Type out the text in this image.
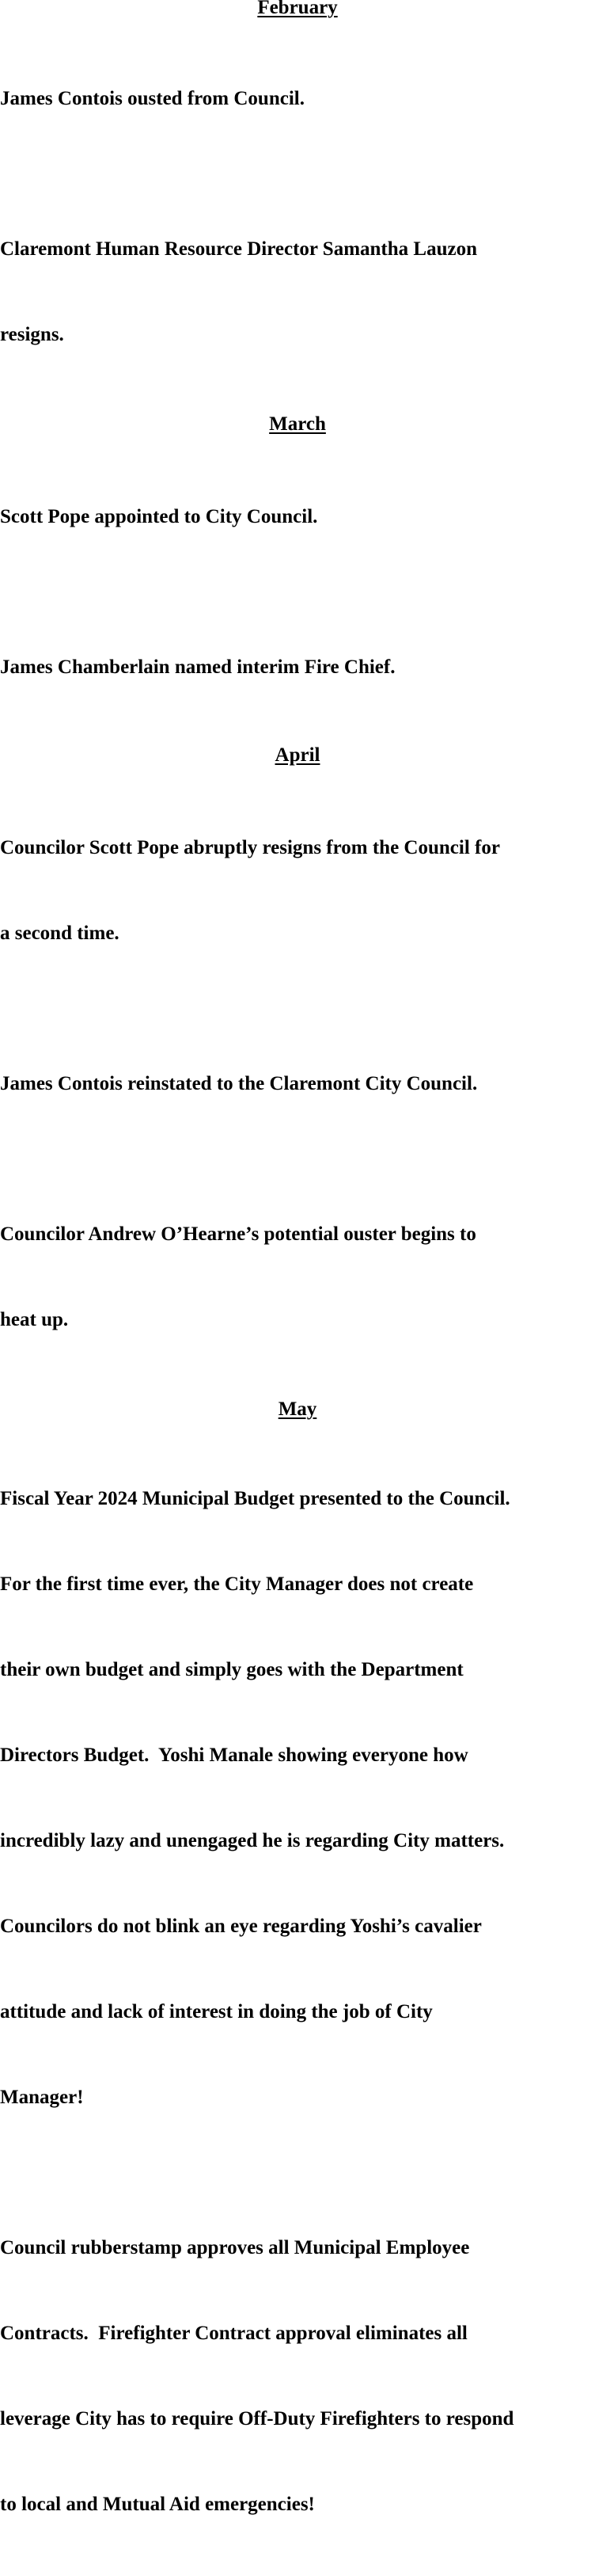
February

James Contois ousted from Council.

Claremont Human Resource Director Samantha Lauzon

resigns.

March

Scott Pope appointed to City Council.

James Chamberlain named interim Fire Chief.

April

Councilor Scott Pope abruptly resigns from the Council for

a second time.

James Contois reinstated to the Claremont City Council.

Councilor Andrew O’Hearne’s potential ouster begins to

heat up.

May

Fiscal Year 2024 Municipal Budget presented to the Council.

For the first time ever, the City Manager does not create

their own budget and simply goes with the Department

Directors Budget.  Yoshi Manale showing everyone how

incredibly lazy and unengaged he is regarding City matters.

Councilors do not blink an eye regarding Yoshi’s cavalier

attitude and lack of interest in doing the job of City

Manager!

Council rubberstamp approves all Municipal Employee

Contracts.  Firefighter Contract approval eliminates all

leverage City has to require Off-Duty Firefighters to respond

to local and Mutual Aid emergencies!
